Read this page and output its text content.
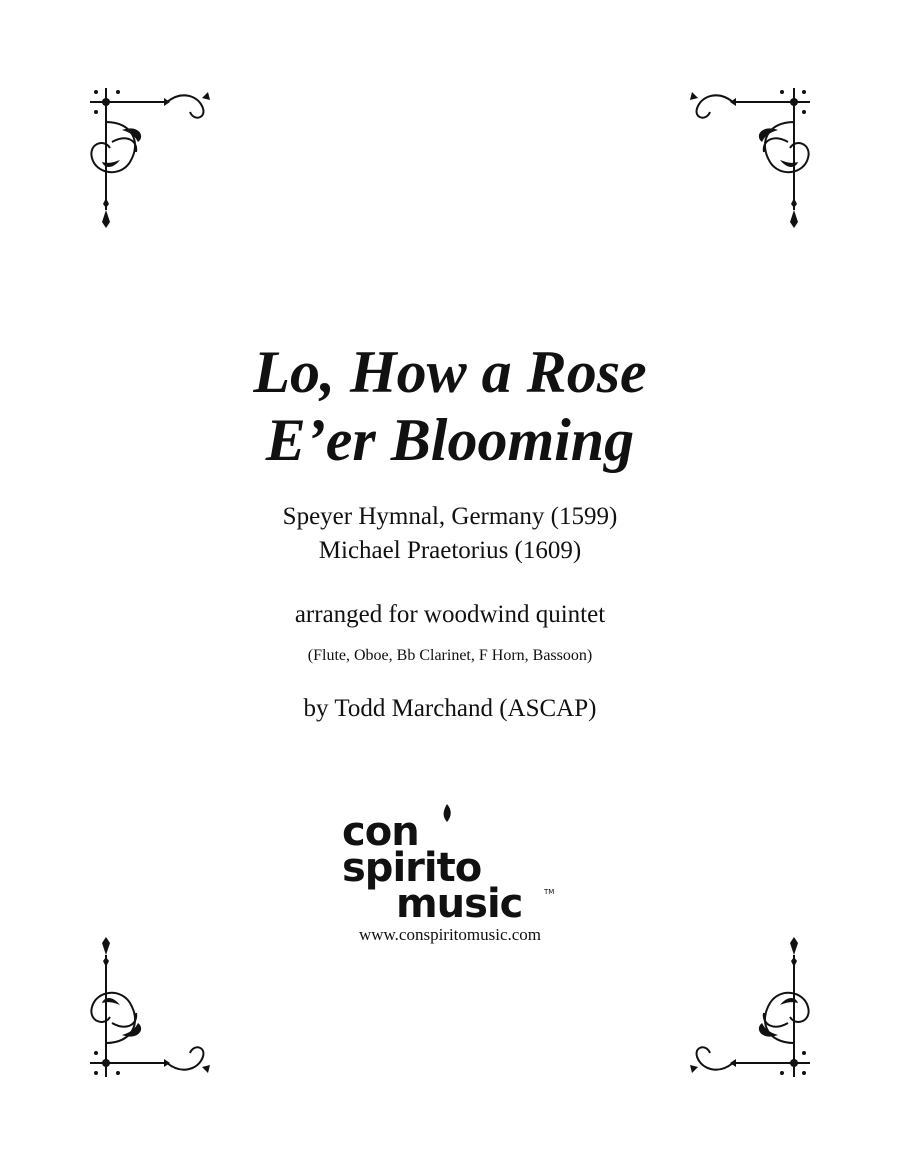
Lo, How a Rose
E’er Blooming
Speyer Hymnal, Germany (1599)
Michael Praetorius (1609)
arranged for woodwind quintet
(Flute, Oboe, Bb Clarinet, F Horn, Bassoon)
by Todd Marchand (ASCAP)
con
spirito
music	TM
www.conspiritomusic.com
